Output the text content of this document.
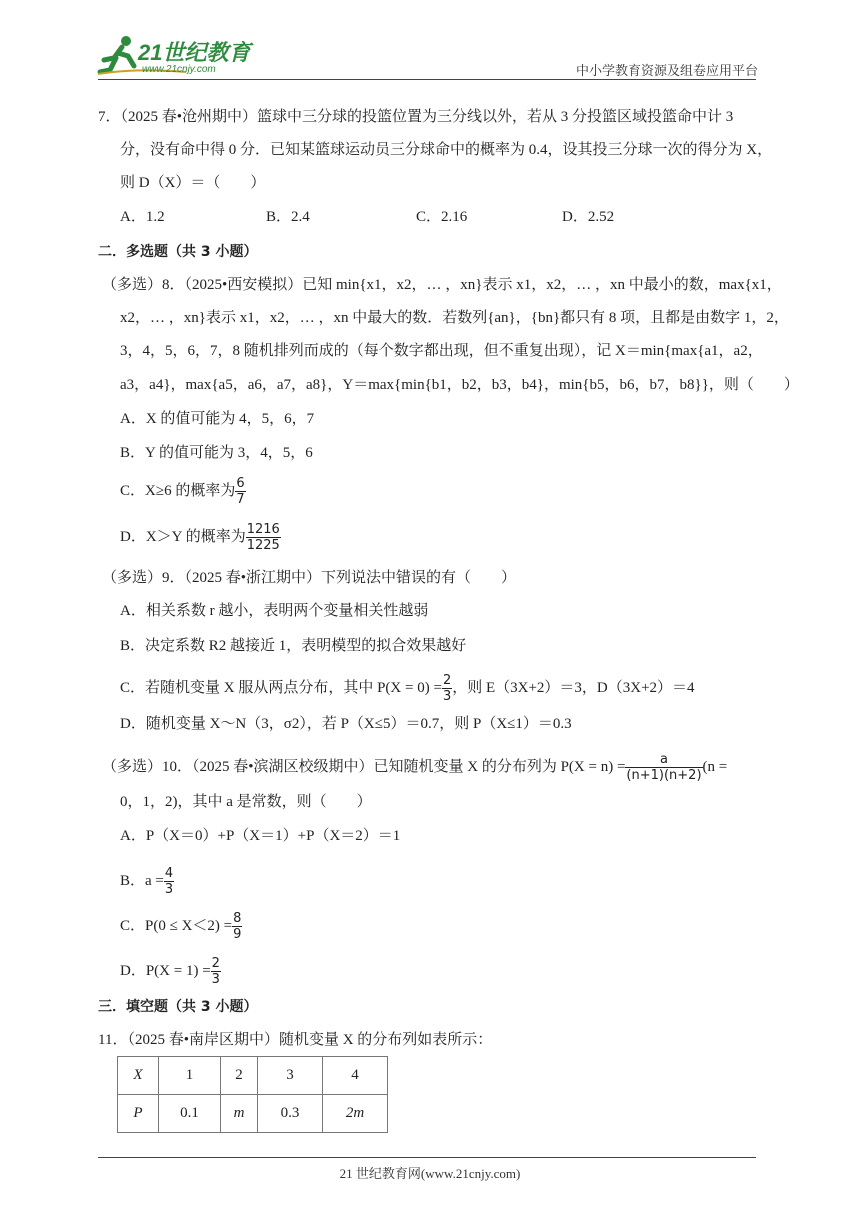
21世纪教育
www.21cnjy.com	中小学教育资源及组卷应用平台
7．（2025 春•沧州期中）篮球中三分球的投篮位置为三分线以外，若从 3 分投篮区域投篮命中计 3
分，没有命中得 0 分．已知某篮球运动员三分球命中的概率为 0.4，设其投三分球一次的得分为 X，
则 D（X）＝（　　）
A．1.2	B．2.4	C．2.16	D．2.52
二．多选题（共 3 小题）
（多选）8．（2025•西安模拟）已知 min{x1，x2，… ，xn}表示 x1，x2，… ，xn 中最小的数，max{x1，
x2，… ，xn}表示 x1，x2，… ，xn 中最大的数．若数列{an}，{bn}都只有 8 项，且都是由数字 1，2，
3，4，5，6，7，8 随机排列而成的（每个数字都出现，但不重复出现），记 X＝min{max{a1，a2，
a3，a4}，max{a5，a6，a7，a8}，Y＝max{min{b1，b2，b3，b4}，min{b5，b6，b7，b8}}，则（　　）
A．X 的值可能为 4，5，6，7
B．Y 的值可能为 3，4，5，6
C．X≥6 的概率为 $\frac{6}{7}$
D．X＞Y 的概率为 $\frac{1216}{1225}$
（多选）9．（2025 春•浙江期中）下列说法中错误的有（　　）
A．相关系数 r 越小，表明两个变量相关性越弱
B．决定系数 R2 越接近 1，表明模型的拟合效果越好
C．若随机变量 X 服从两点分布，其中 $P(X = 0) = \frac{2}{3}$ ，则 E（3X+2）＝3，D（3X+2）＝4
D．随机变量 X～N（3，σ2），若 P（X≤5）＝0.7，则 P（X≤1）＝0.3
（多选）10．（2025 春•滨湖区校级期中）已知随机变量 X 的分布列为 $P(X = n) = \frac{a}{(n+1)(n+2)} (n$ =
0，1，2)，其中 a 是常数，则（　　）
A．P（X＝0）+P（X＝1）+P（X＝2）＝1
B．$a = \frac{4}{3}$
C．$P(0 \le X<2) = \frac{8}{9}$
D．$P(X = 1) = \frac{2}{3}$
三．填空题（共 3 小题）
11．（2025 春•南岸区期中）随机变量 X 的分布列如表所示：
X	1	2	3	4
P	0.1	m	0.3	2m
21 世纪教育网(www.21cnjy.com)
